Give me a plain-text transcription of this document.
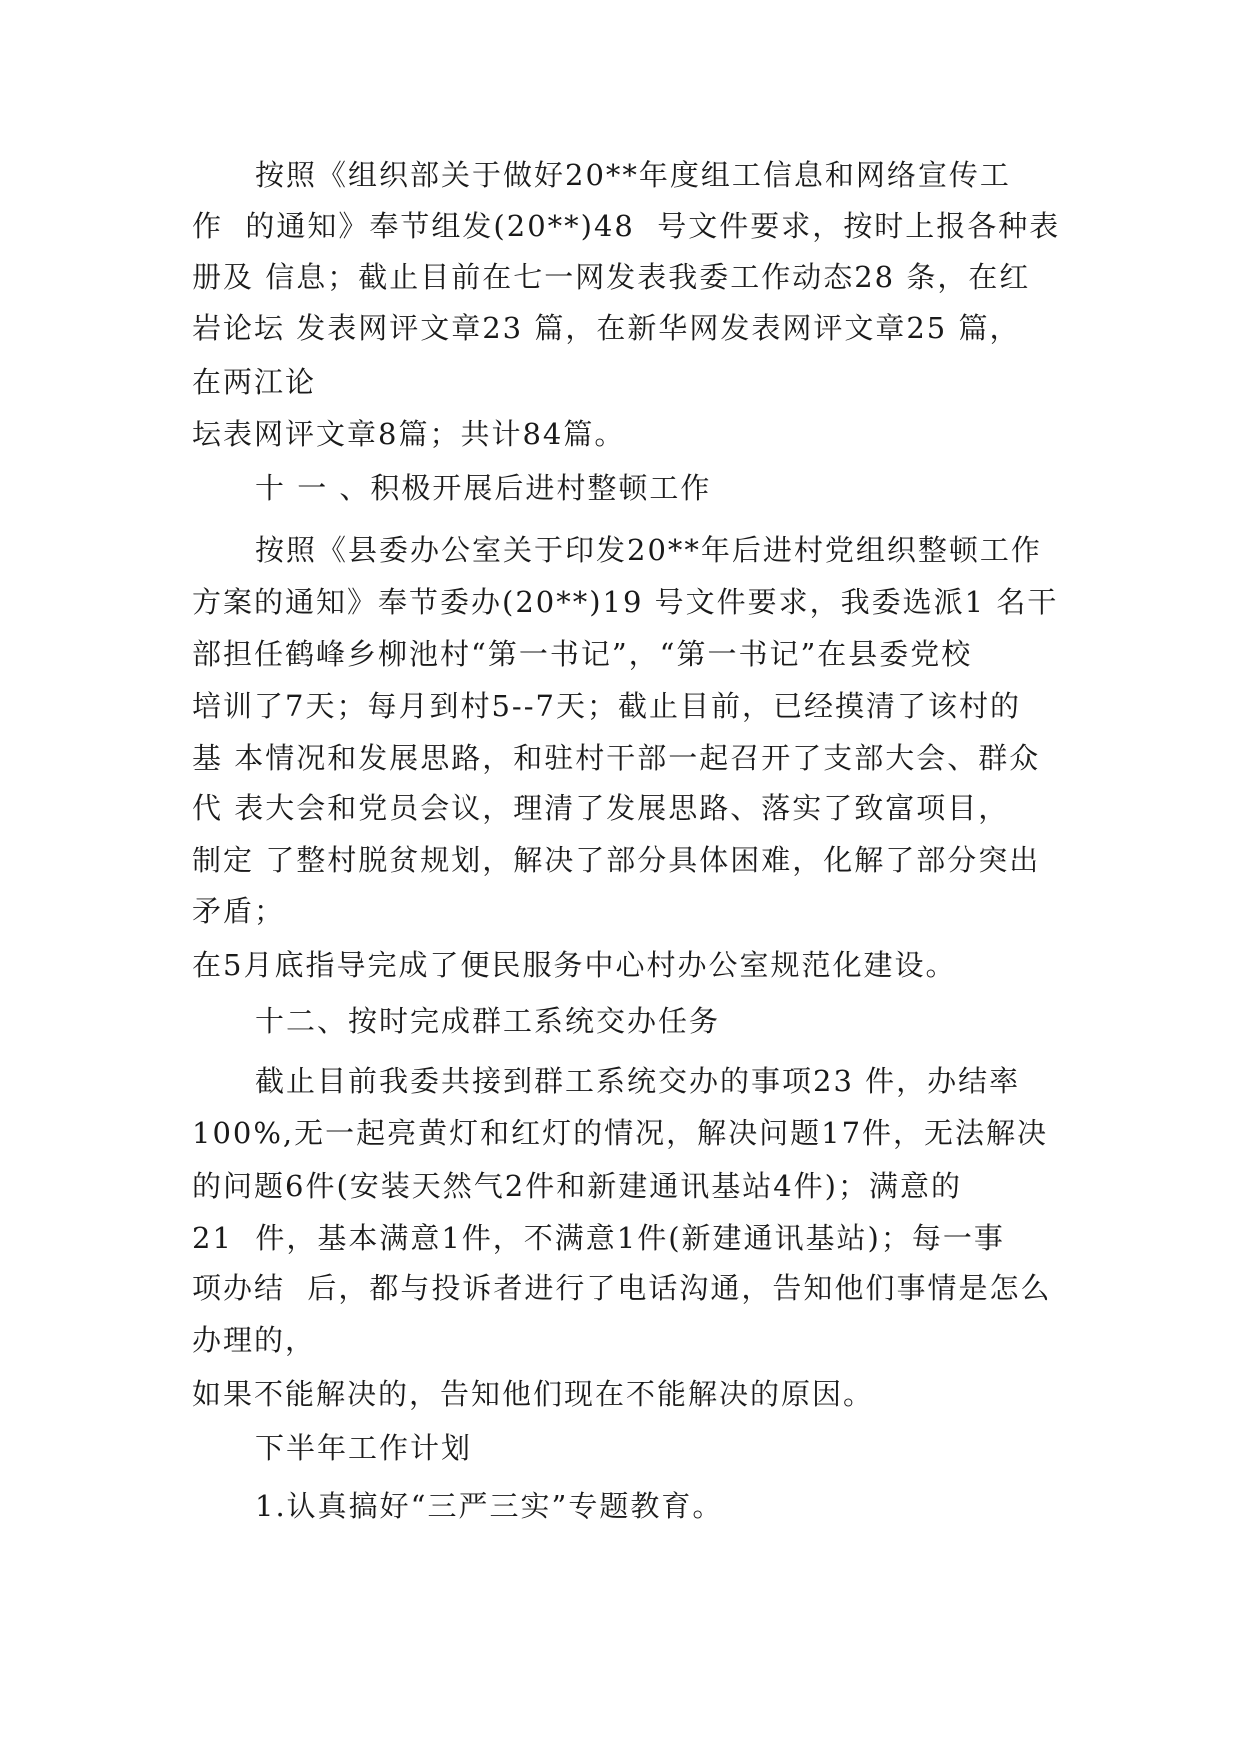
按照《组织部关于做好20**年度组工信息和网络宣传工
作  的通知》奉节组发(20**)48  号文件要求，按时上报各种表
册及 信息；截止目前在七一网发表我委工作动态28 条，在红
岩论坛 发表网评文章23 篇，在新华网发表网评文章25 篇，
在两江论
坛表网评文章8篇；共计84篇。
十 一 、积极开展后进村整顿工作
按照《县委办公室关于印发20**年后进村党组织整顿工作
方案的通知》奉节委办(20**)19 号文件要求，我委选派1 名干
部担任鹤峰乡柳池村“第一书记”，“第一书记”在县委党校
培训了7天；每月到村5--7天；截止目前，已经摸清了该村的
基 本情况和发展思路，和驻村干部一起召开了支部大会、群众
代 表大会和党员会议，理清了发展思路、落实了致富项目，
制定 了整村脱贫规划，解决了部分具体困难，化解了部分突出
矛盾；
在5月底指导完成了便民服务中心村办公室规范化建设。
十二、按时完成群工系统交办任务
截止目前我委共接到群工系统交办的事项23 件，办结率
100%,无一起亮黄灯和红灯的情况，解决问题17件，无法解决
的问题6件(安装天然气2件和新建通讯基站4件)；满意的
21  件，基本满意1件，不满意1件(新建通讯基站)；每一事
项办结  后，都与投诉者进行了电话沟通，告知他们事情是怎么
办理的，
如果不能解决的，告知他们现在不能解决的原因。
下半年工作计划
1.认真搞好“三严三实”专题教育。
